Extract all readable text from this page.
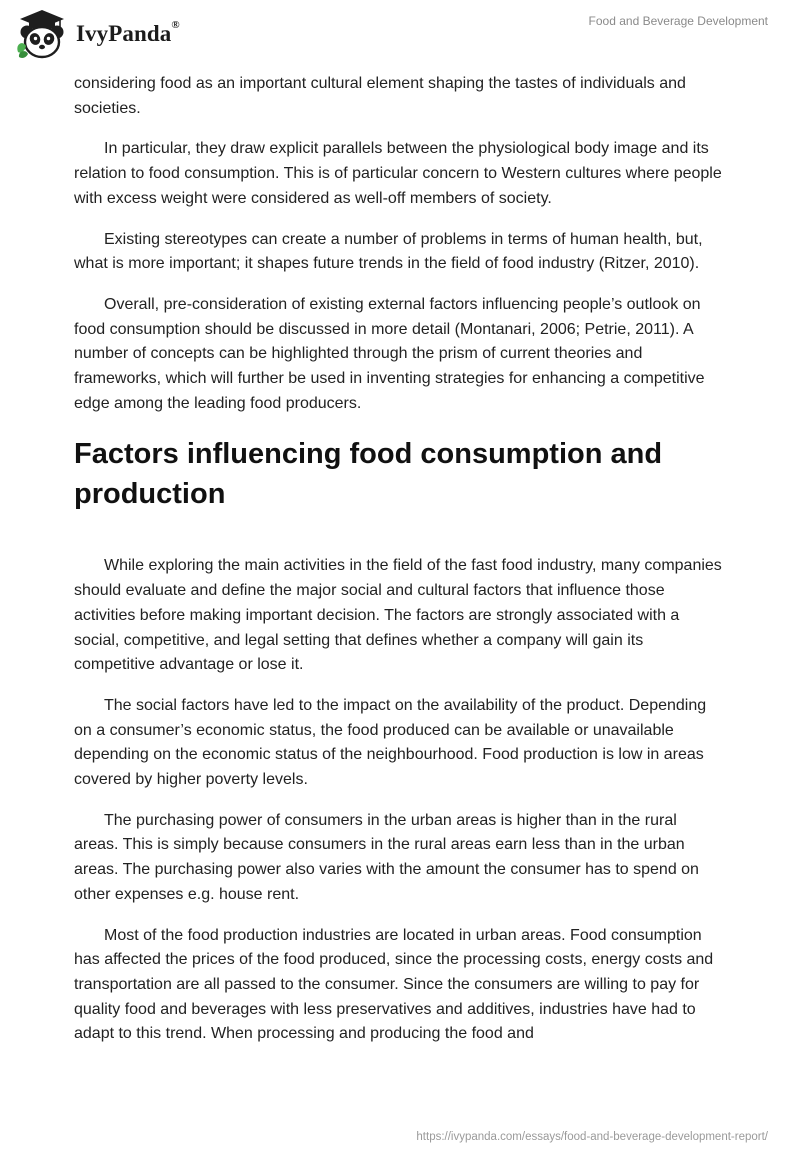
IvyPanda®	Food and Beverage Development

considering food as an important cultural element shaping the tastes of individuals and societies.

In particular, they draw explicit parallels between the physiological body image and its relation to food consumption. This is of particular concern to Western cultures where people with excess weight were considered as well-off members of society.

Existing stereotypes can create a number of problems in terms of human health, but, what is more important; it shapes future trends in the field of food industry (Ritzer, 2010).

Overall, pre-consideration of existing external factors influencing people’s outlook on food consumption should be discussed in more detail (Montanari, 2006; Petrie, 2011). A number of concepts can be highlighted through the prism of current theories and frameworks, which will further be used in inventing strategies for enhancing a competitive edge among the leading food producers.

Factors influencing food consumption and production

While exploring the main activities in the field of the fast food industry, many companies should evaluate and define the major social and cultural factors that influence those activities before making important decision. The factors are strongly associated with a social, competitive, and legal setting that defines whether a company will gain its competitive advantage or lose it.

The social factors have led to the impact on the availability of the product. Depending on a consumer’s economic status, the food produced can be available or unavailable depending on the economic status of the neighbourhood. Food production is low in areas covered by higher poverty levels.

The purchasing power of consumers in the urban areas is higher than in the rural areas. This is simply because consumers in the rural areas earn less than in the urban areas. The purchasing power also varies with the amount the consumer has to spend on other expenses e.g. house rent.

Most of the food production industries are located in urban areas. Food consumption has affected the prices of the food produced, since the processing costs, energy costs and transportation are all passed to the consumer. Since the consumers are willing to pay for quality food and beverages with less preservatives and additives, industries have had to adapt to this trend. When processing and producing the food and

https://ivypanda.com/essays/food-and-beverage-development-report/
